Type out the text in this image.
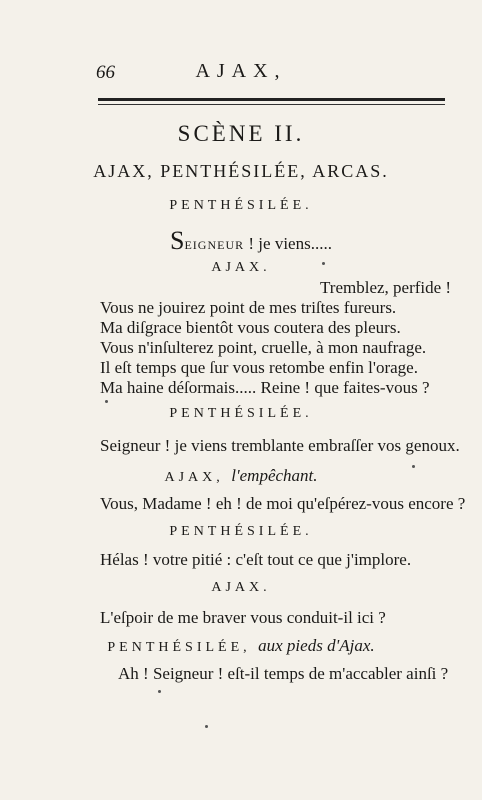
66	AJAX,
SCÈNE II.
AJAX, PENTHÉSILÉE, ARCAS.
PENTHÉSILÉE.
SEIGNEUR ! je viens.....
AJAX.
Tremblez, perfide !
Vous ne jouirez point de mes triſtes fureurs.
Ma diſgrace bientôt vous coutera des pleurs.
Vous n'inſulterez point, cruelle, à mon naufrage.
Il eſt temps que ſur vous retombe enfin l'orage.
Ma haine déſormais..... Reine ! que faites-vous ?
PENTHÉSILÉE.
Seigneur ! je viens tremblante embraſſer vos genoux.
AJAX, l'empêchant.
Vous, Madame ! eh ! de moi qu'eſpérez-vous encore ?
PENTHÉSILÉE.
Hélas ! votre pitié : c'eſt tout ce que j'implore.
AJAX.
L'eſpoir de me braver vous conduit-il ici ?
PENTHÉSILÉE, aux pieds d'Ajax.
Ah ! Seigneur ! eſt-il temps de m'accabler ainſi ?
